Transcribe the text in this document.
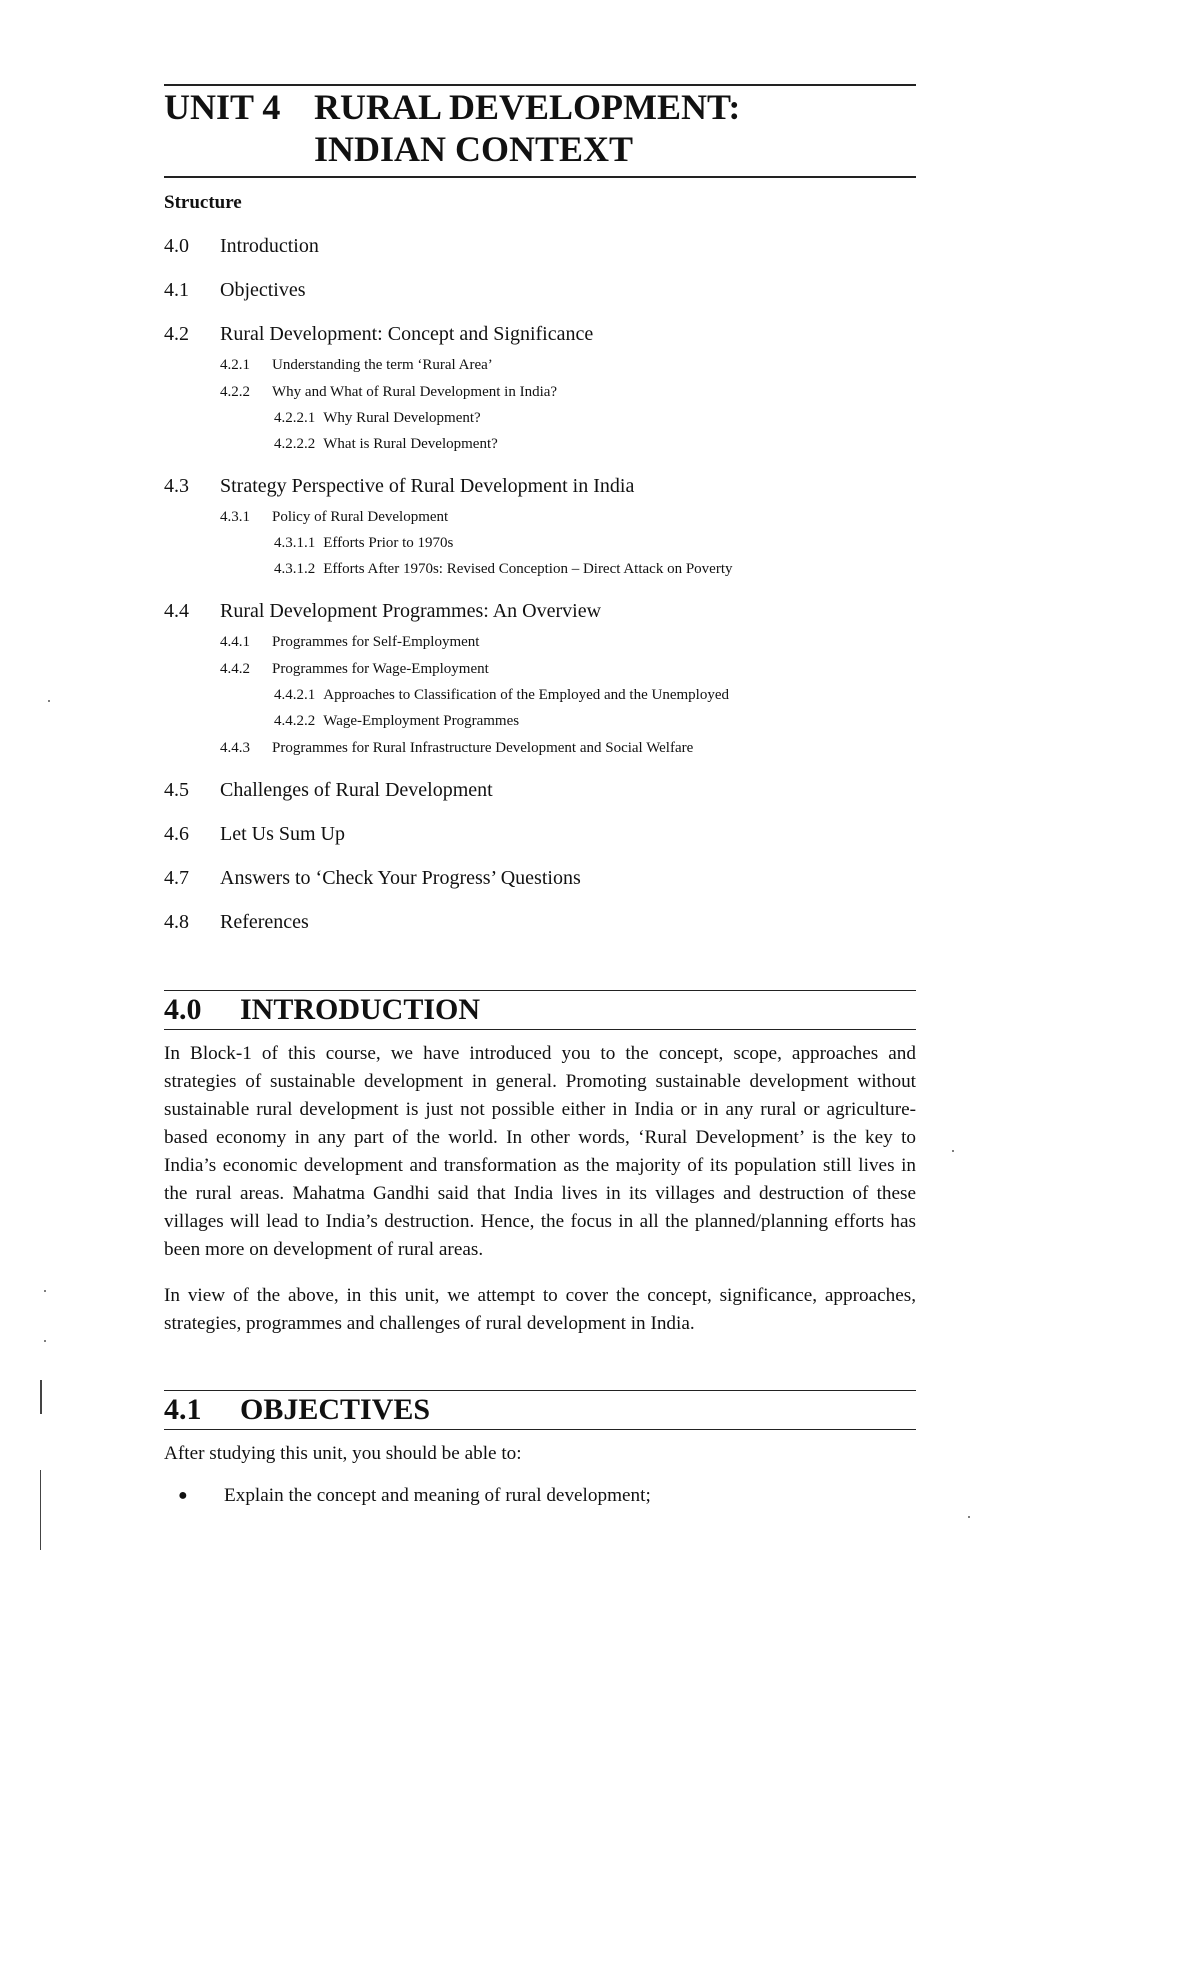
UNIT 4 RURAL DEVELOPMENT: INDIAN CONTEXT
Structure
4.0	Introduction
4.1	Objectives
4.2	Rural Development: Concept and Significance
4.2.1	Understanding the term ‘Rural Area’
4.2.2	Why and What of Rural Development in India?
4.2.2.1 Why Rural Development?
4.2.2.2 What is Rural Development?
4.3	Strategy Perspective of Rural Development in India
4.3.1	Policy of Rural Development
4.3.1.1 Efforts Prior to 1970s
4.3.1.2 Efforts After 1970s: Revised Conception – Direct Attack on Poverty
4.4	Rural Development Programmes: An Overview
4.4.1	Programmes for Self-Employment
4.4.2	Programmes for Wage-Employment
4.4.2.1 Approaches to Classification of the Employed and the Unemployed
4.4.2.2 Wage-Employment Programmes
4.4.3	Programmes for Rural Infrastructure Development and Social Welfare
4.5	Challenges of Rural Development
4.6	Let Us Sum Up
4.7	Answers to ‘Check Your Progress’ Questions
4.8	References
4.0	INTRODUCTION

In Block-1 of this course, we have introduced you to the concept, scope, approaches and strategies of sustainable development in general. Promoting sustainable development without sustainable rural development is just not possible either in India or in any rural or agriculture-based economy in any part of the world. In other words, ‘Rural Development’ is the key to India’s economic development and transformation as the majority of its population still lives in the rural areas. Mahatma Gandhi said that India lives in its villages and destruction of these villages will lead to India’s destruction. Hence, the focus in all the planned/planning efforts has been more on development of rural areas.

In view of the above, in this unit, we attempt to cover the concept, significance, approaches, strategies, programmes and challenges of rural development in India.

4.1	OBJECTIVES

After studying this unit, you should be able to:

●	Explain the concept and meaning of rural development;
